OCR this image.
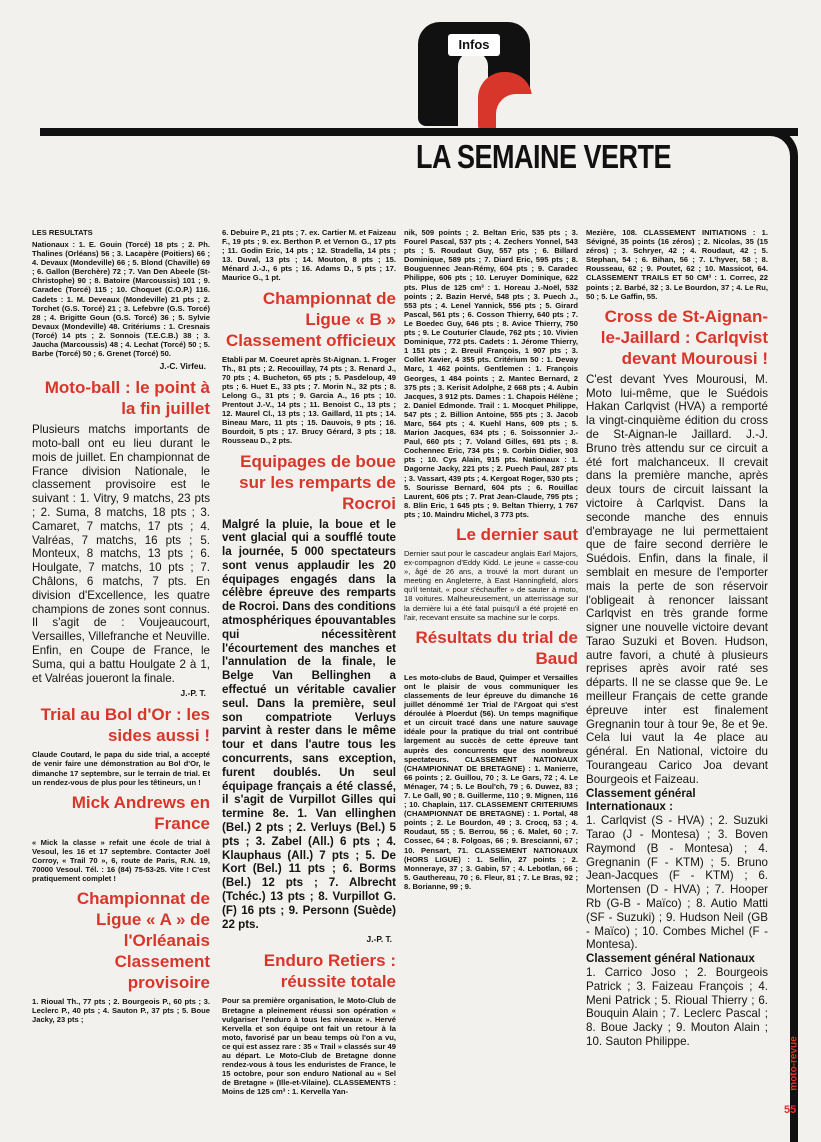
Infos
LA SEMAINE VERTE
LES RESULTATS

Nationaux : 1. E. Gouin (Torcé) 18 pts ; 2. Ph. Thalines (Orléans) 56 ; 3. Lacapère (Poitiers) 66 ; 4. Devaux (Mondeville) 66 ; 5. Blond (Chaville) 69 ; 6. Gallon (Berchère) 72 ; 7. Van Den Abeele (St-Christophe) 90 ; 8. Batoire (Marcoussis) 101 ; 9. Caradec (Torcé) 115 ; 10. Choquet (C.O.P.) 116. Cadets : 1. M. Deveaux (Mondeville) 21 pts ; 2. Torchet (G.S. Torcé) 21 ; 3. Lefebvre (G.S. Torcé) 28 ; 4. Brigitte Goun (G.S. Torcé) 36 ; 5. Sylvie Devaux (Mondeville) 48. Critériums : 1. Cresnais (Torcé) 14 pts ; 2. Sonnois (T.E.C.B.) 38 ; 3. Jaucha (Marcoussis) 48 ; 4. Lechat (Torcé) 50 ; 5. Barbe (Torcé) 50 ; 6. Grenet (Torcé) 50.

J.-C. Virfeu.
Moto-ball : le point à la fin juillet

Plusieurs matchs importants de moto-ball ont eu lieu durant le mois de juillet. En championnat de France division Nationale, le classement provisoire est le suivant : 1. Vitry, 9 matchs, 23 pts ; 2. Suma, 8 matchs, 18 pts ; 3. Camaret, 7 matchs, 17 pts ; 4. Valréas, 7 matchs, 16 pts ; 5. Monteux, 8 matchs, 13 pts ; 6. Houlgate, 7 matchs, 10 pts ; 7. Châlons, 6 matchs, 7 pts. En division d'Excellence, les quatre champions de zones sont connus. Il s'agit de : Voujeaucourt, Versailles, Villefranche et Neuville. Enfin, en Coupe de France, le Suma, qui a battu Houlgate 2 à 1, et Valréas joueront la finale.

J.-P. T.
Trial au Bol d'Or : les sides aussi !

Claude Coutard, le papa du side trial, a accepté de venir faire une démonstration au Bol d'Or, le dimanche 17 septembre, sur le terrain de trial. Et un rendez-vous de plus pour les têtineurs, un !

Mick Andrews en France

« Mick la classe » refait une école de trial à Vesoul, les 16 et 17 septembre. Contacter Joël Corroy, « Trail 70 », 6, route de Paris, R.N. 19, 70000 Vesoul. Tél. : 16 (84) 75-53-25. Vite ! C'est pratiquement complet !

Championnat de Ligue « A » de l'Orléanais Classement provisoire

1. Rioual Th., 77 pts ; 2. Bourgeois P., 60 pts ; 3. Leclerc P., 40 pts ; 4. Sauton P., 37 pts ; 5. Boue Jacky, 23 pts ;

6. Debuire P., 21 pts ; 7. ex. Cartier M. et Faizeau F., 19 pts ; 9. ex. Berthon P. et Vernon G., 17 pts ; 11. Godin Eric, 14 pts ; 12. Stradella, 14 pts ; 13. Duval, 13 pts ; 14. Mouton, 8 pts ; 15. Ménard J.-J., 6 pts ; 16. Adams D., 5 pts ; 17. Maurice G., 1 pt.

Championnat de Ligue « B » Classement officieux

Etabli par M. Coeuret après St-Aignan. 1. Froger Th., 81 pts ; 2. Recouillay, 74 pts ; 3. Renard J., 70 pts ; 4. Bucheton, 65 pts ; 5. Pasdeloup, 49 pts ; 6. Huet E., 33 pts ; 7. Morin N., 32 pts ; 8. Lelong G., 31 pts ; 9. Garcia A., 16 pts ; 10. Prentout J.-V., 14 pts ; 11. Benoist C., 13 pts ; 12. Maurel Cl., 13 pts ; 13. Gaillard, 11 pts ; 14. Bineau Marc, 11 pts ; 15. Dauvois, 9 pts ; 16. Bourdoit, 5 pts ; 17. Brucy Gérard, 3 pts ; 18. Rousseau D., 2 pts.

Equipages de boue sur les remparts de Rocroi

Malgré la pluie, la boue et le vent glacial qui a soufflé toute la journée, 5 000 spectateurs sont venus applaudir les 20 équipages engagés dans la célèbre épreuve des remparts de Rocroi. Dans des conditions atmosphériques épouvantables qui nécessitèrent l'écourtement des manches et l'annulation de la finale, le Belge Van Bellinghen a effectué un véritable cavalier seul. Dans la première, seul son compatriote Verluys parvint à rester dans le même tour et dans l'autre tous les concurrents, sans exception, furent doublés. Un seul équipage français a été classé, il s'agit de Vurpillot Gilles qui termine 8e. 1. Van ellinghen (Bel.) 2 pts ; 2. Verluys (Bel.) 5 pts ; 3. Zabel (All.) 6 pts ; 4. Klauphaus (All.) 7 pts ; 5. De Kort (Bel.) 11 pts ; 6. Borms (Bel.) 12 pts ; 7. Albrecht (Tchéc.) 13 pts ; 8. Vurpillot G. (F) 16 pts ; 9. Personn (Suède) 22 pts.

J.-P. T.
Enduro Retiers : réussite totale

Pour sa première organisation, le Moto-Club de Bretagne a pleinement réussi son opération « vulgariser l'enduro à tous les niveaux ». Hervé Kervella et son équipe ont fait un retour à la moto, favorisé par un beau temps où l'on a vu, ce qui est assez rare : 35 « Trail » classés sur 49 au départ. Le Moto-Club de Bretagne donne rendez-vous à tous les enduristes de France, le 15 octobre, pour son enduro National au « Sel de Bretagne » (Ille-et-Vilaine). CLASSEMENTS : Moins de 125 cm³ : 1. Kervella Yan-

nik, 509 points ; 2. Beltan Eric, 535 pts ; 3. Fourel Pascal, 537 pts ; 4. Zechers Yonnel, 543 pts ; 5. Roudaut Guy, 557 pts ; 6. Billard Dominique, 589 pts ; 7. Diard Eric, 595 pts ; 8. Bouguennec Jean-Rémy, 604 pts ; 9. Caradec Philippe, 606 pts ; 10. Leruyer Dominique, 622 pts. Plus de 125 cm³ : 1. Horeau J.-Noël, 532 points ; 2. Bazin Hervé, 548 pts ; 3. Puech J., 553 pts ; 4. Lenel Yannick, 556 pts ; 5. Girard Pascal, 561 pts ; 6. Cosson Thierry, 640 pts ; 7. Le Boedec Guy, 646 pts ; 8. Avice Thierry, 750 pts ; 9. Le Couturier Claude, 762 pts ; 10. Vivien Dominique, 772 pts. Cadets : 1. Jérome Thierry, 1 151 pts ; 2. Breuil François, 1 907 pts ; 3. Collet Xavier, 4 355 pts. Critérium 50 : 1. Devay Marc, 1 462 points. Gentlemen : 1. François Georges, 1 484 points ; 2. Mantec Bernard, 2 375 pts ; 3. Kerisit Adolphe, 2 668 pts ; 4. Aubin Jacques, 3 912 pts. Dames : 1. Chapois Hélène ; 2. Daniel Edmonde. Trail : 1. Mocquet Philippe, 547 pts ; 2. Billion Antoine, 555 pts ; 3. Jacob Marc, 564 pts ; 4. Kuehl Hans, 609 pts ; 5. Marion Jacques, 634 pts ; 6. Soissonnier J.-Paul, 660 pts ; 7. Voland Gilles, 691 pts ; 8. Cochennec Eric, 734 pts ; 9. Corbin Didier, 903 pts ; 10. Cys Alain, 915 pts. Nationaux : 1. Dagorne Jacky, 221 pts ; 2. Puech Paul, 287 pts ; 3. Vassart, 439 pts ; 4. Kergoat Roger, 530 pts ; 5. Sourisse Bernard, 604 pts ; 6. Rouillac Laurent, 606 pts ; 7. Prat Jean-Claude, 795 pts ; 8. Blin Eric, 1 645 pts ; 9. Beltan Thierry, 1 767 pts ; 10. Maindru Michel, 3 773 pts.

Le dernier saut

Dernier saut pour le cascadeur anglais Earl Majors, ex-compagnon d'Eddy Kidd. Le jeune « casse-cou », âgé de 26 ans, a trouvé la mort durant un meeting en Angleterre, à East Hanningfield, alors qu'il tentait, « pour s'échauffer » de sauter à moto, 18 voitures. Malheureusement, un atterrissage sur la dernière lui a été fatal puisqu'il a été projeté en l'air, recevant ensuite sa machine sur le corps.

Résultats du trial de Baud

Les moto-clubs de Baud, Quimper et Versailles ont le plaisir de vous communiquer les classements de leur épreuve du dimanche 16 juillet dénommé 1er Trial de l'Argoat qui s'est déroulée à Ploerdut (56). Un temps magnifique et un circuit tracé dans une nature sauvage idéale pour la pratique du trial ont contribué largement au succès de cette épreuve tant auprès des concurrents que des nombreux spectateurs. CLASSEMENT NATIONAUX (CHAMPIONNAT DE BRETAGNE) : 1. Manierre, 66 points ; 2. Guillou, 70 ; 3. Le Gars, 72 ; 4. Le Ménager, 74 ; 5. Le Boul'ch, 79 ; 6. Duwez, 83 ; 7. Le Gall, 90 ; 8. Guillerme, 110 ; 9. Mignen, 116 ; 10. Chaplain, 117. CLASSEMENT CRITERIUMS (CHAMPIONNAT DE BRETAGNE) : 1. Portal, 48 points ; 2. Le Bourdon, 49 ; 3. Crocq, 53 ; 4. Roudaut, 55 ; 5. Berrou, 56 ; 6. Malet, 60 ; 7. Cossec, 64 ; 8. Folgoas, 66 ; 9. Brescianni, 67 ; 10. Pensart, 71. CLASSEMENT NATIONAUX (HORS LIGUE) : 1. Sellin, 27 points ; 2. Monneraye, 37 ; 3. Gabin, 57 ; 4. Lebotlan, 66 ; 5. Gauthereau, 70 ; 6. Fleur, 81 ; 7. Le Bras, 92 ; 8. Borianne, 99 ; 9.

Mezière, 108. CLASSEMENT INITIATIONS : 1. Sévigné, 35 points (16 zéros) ; 2. Nicolas, 35 (15 zéros) ; 3. Schryer, 42 ; 4. Roudaut, 42 ; 5. Stephan, 54 ; 6. Bihan, 56 ; 7. L'hyver, 58 ; 8. Rousseau, 62 ; 9. Poutet, 62 ; 10. Massicot, 64. CLASSEMENT TRAILS ET 50 CM³ : 1. Correc, 22 points ; 2. Barbé, 32 ; 3. Le Bourdon, 37 ; 4. Le Ru, 50 ; 5. Le Gaffin, 55.

Cross de St-Aignan-le-Jaillard : Carlqvist devant Mourousi !

C'est devant Yves Mourousi, M. Moto lui-même, que le Suédois Hakan Carlqvist (HVA) a remporté la vingt-cinquième édition du cross de St-Aignan-le Jaillard. J.-J. Bruno très attendu sur ce circuit a été fort malchanceux. Il crevait dans la première manche, après deux tours de circuit laissant la victoire à Carlqvist. Dans la seconde manche des ennuis d'embrayage ne lui permettaient que de faire second derrière le Suédois. Enfin, dans la finale, il semblait en mesure de l'emporter mais la perte de son réservoir l'obligeait à renoncer laissant Carlqvist en très grande forme signer une nouvelle victoire devant Tarao Suzuki et Boven. Hudson, autre favori, a chuté à plusieurs reprises après avoir raté ses départs. Il ne se classe que 9e. Le meilleur Français de cette grande épreuve inter est finalement Gregnanin tour à tour 9e, 8e et 9e. Cela lui vaut la 4e place au général. En National, victoire du Tourangeau Carico Joa devant Bourgeois et Faizeau.

Classement général Internationaux :

1. Carlqvist (S - HVA) ; 2. Suzuki Tarao (J - Montesa) ; 3. Boven Raymond (B - Montesa) ; 4. Gregnanin (F - KTM) ; 5. Bruno Jean-Jacques (F - KTM) ; 6. Mortensen (D - HVA) ; 7. Hooper Rb (G-B - Maïco) ; 8. Autio Matti (SF - Suzuki) ; 9. Hudson Neil (GB - Maïco) ; 10. Combes Michel (F - Montesa).

Classement général Nationaux

1. Carrico Joso ; 2. Bourgeois Patrick ; 3. Faizeau François ; 4. Meni Patrick ; 5. Rioual Thierry ; 6. Bouquin Alain ; 7. Leclerc Pascal ; 8. Boue Jacky ; 9. Mouton Alain ; 10. Sauton Philippe.	moto-revue
55
